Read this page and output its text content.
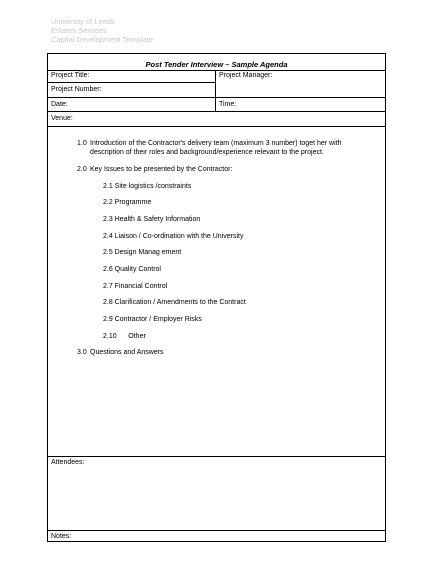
University of Leeds
Estates Services
Capital Development Template
Post Tender Interview – Sample Agenda
Project Title:	Project Manager:
Project Number:
Date:	Time:
Venue:
1.0 Introduction of the Contractor's delivery team (maximum 3 number) toget her with
description of their roles and background/experience relevant to the project.
2.0 Key Issues to be presented by the Contractor:
2.1 Site logistics /constraints
2.2 Programme
2.3 Health & Safety Information
2.4 Liaison / Co-ordination with the University
2.5 Design Manag ement
2.6 Quality Control
2.7 Financial Control
2.8 Clarification / Amendments to the Contract
2.9 Contractor / Employer Risks
2.10      Other
3.0 Questions and Answers
Attendees:
Notes:
